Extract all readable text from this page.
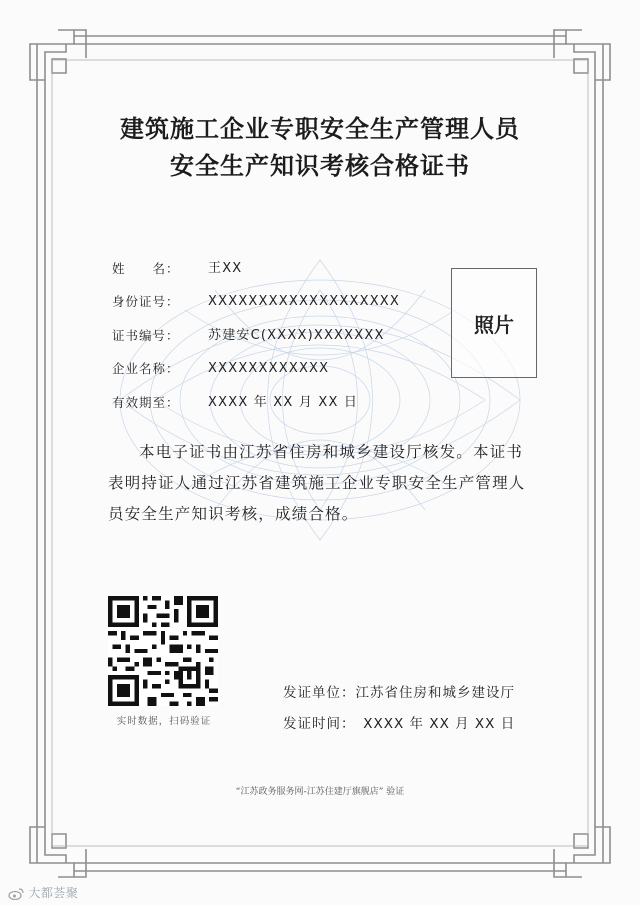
建筑施工企业专职安全生产管理人员
安全生产知识考核合格证书
姓　　名：	王XX
身份证号：	XXXXXXXXXXXXXXXXXXX
证书编号：	苏建安C(XXXX)XXXXXXX
企业名称：	XXXXXXXXXXXX
有效期至：	XXXX 年 XX 月 XX 日
照片
本电子证书由江苏省住房和城乡建设厅核发。本证书表明持证人通过江苏省建筑施工企业专职安全生产管理人员安全生产知识考核，成绩合格。
实时数据，扫码验证
发证单位：江苏省住房和城乡建设厅
发证时间：　XXXX 年 XX 月 XX 日
“江苏政务服务网-江苏住建厅旗舰店” 验证
大都荟聚
